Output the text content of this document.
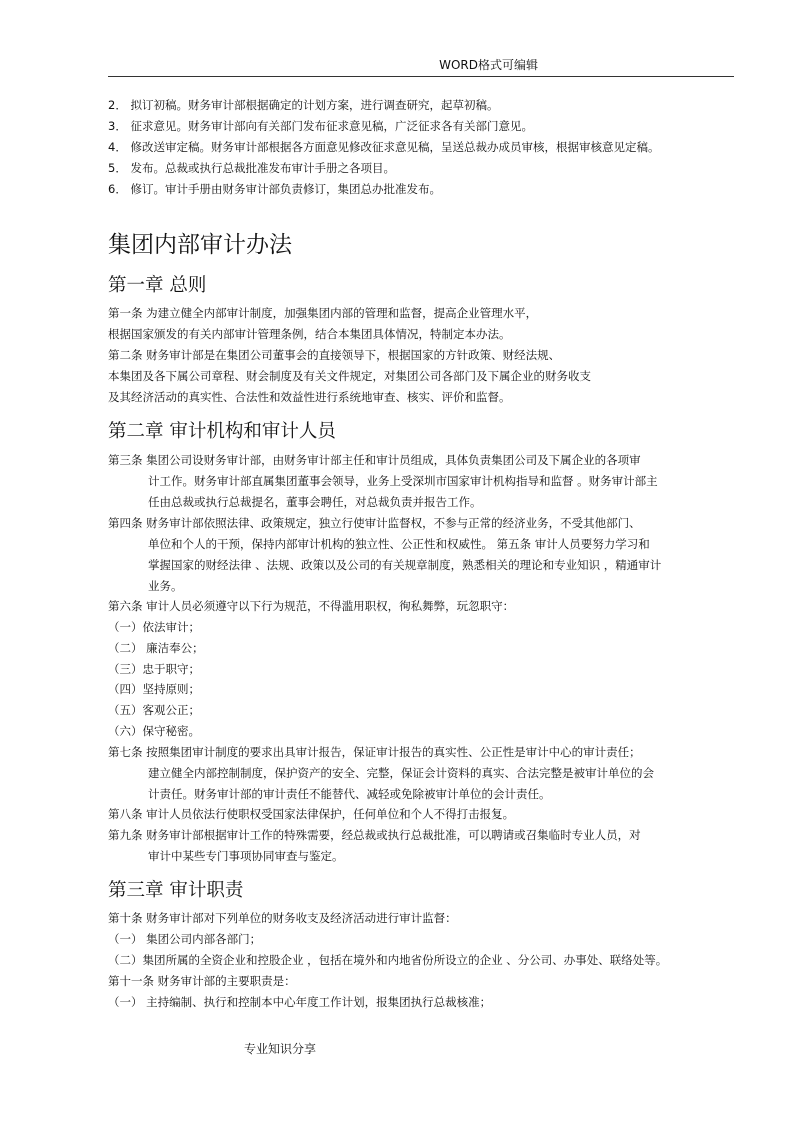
WORD格式可编辑
2． 拟订初稿。财务审计部根据确定的计划方案，进行调查研究，起草初稿。
3． 征求意见。财务审计部向有关部门发布征求意见稿，广泛征求各有关部门意见。
4． 修改送审定稿。财务审计部根据各方面意见修改征求意见稿，呈送总裁办成员审核，根据审核意见定稿。
5． 发布。总裁或执行总裁批准发布审计手册之各项目。
6． 修订。审计手册由财务审计部负责修订，集团总办批准发布。
集团内部审计办法
第一章 总则
第一条 为建立健全内部审计制度，加强集团内部的管理和监督，提高企业管理水平，
根据国家颁发的有关内部审计管理条例，结合本集团具体情况，特制定本办法。
第二条 财务审计部是在集团公司董事会的直接领导下，根据国家的方针政策、财经法规、
本集团及各下属公司章程、财会制度及有关文件规定，对集团公司各部门及下属企业的财务收支
及其经济活动的真实性、合法性和效益性进行系统地审查、核实、评价和监督。
第二章 审计机构和审计人员
第三条 集团公司设财务审计部，由财务审计部主任和审计员组成，具体负责集团公司及下属企业的各项审
计工作。财务审计部直属集团董事会领导，业务上受深圳市国家审计机构指导和监督 。财务审计部主
任由总裁或执行总裁提名，董事会聘任，对总裁负责并报告工作。
第四条 财务审计部依照法律、政策规定，独立行使审计监督权，不参与正常的经济业务，不受其他部门、
单位和个人的干预，保持内部审计机构的独立性、公正性和权威性。 第五条 审计人员要努力学习和
掌握国家的财经法律 、法规、政策以及公司的有关规章制度，熟悉相关的理论和专业知识 ，精通审计
业务。
第六条 审计人员必须遵守以下行为规范，不得滥用职权，徇私舞弊，玩忽职守：
（一）依法审计；
（二） 廉洁奉公；
（三）忠于职守；
（四）坚持原则；
（五）客观公正；
（六）保守秘密。
第七条 按照集团审计制度的要求出具审计报告，保证审计报告的真实性、公正性是审计中心的审计责任；
建立健全内部控制制度，保护资产的安全、完整，保证会计资料的真实、合法完整是被审计单位的会
计责任。财务审计部的审计责任不能替代、减轻或免除被审计单位的会计责任。
第八条 审计人员依法行使职权受国家法律保护，任何单位和个人不得打击报复。
第九条 财务审计部根据审计工作的特殊需要，经总裁或执行总裁批准，可以聘请或召集临时专业人员，对
审计中某些专门事项协同审查与鉴定。
第三章 审计职责
第十条 财务审计部对下列单位的财务收支及经济活动进行审计监督：
（一） 集团公司内部各部门；
（二）集团所属的全资企业和控股企业 ，包括在境外和内地省份所设立的企业 、分公司、办事处、联络处等。
第十一条 财务审计部的主要职责是：
（一） 主持编制、执行和控制本中心年度工作计划，报集团执行总裁核准；
专业知识分享
